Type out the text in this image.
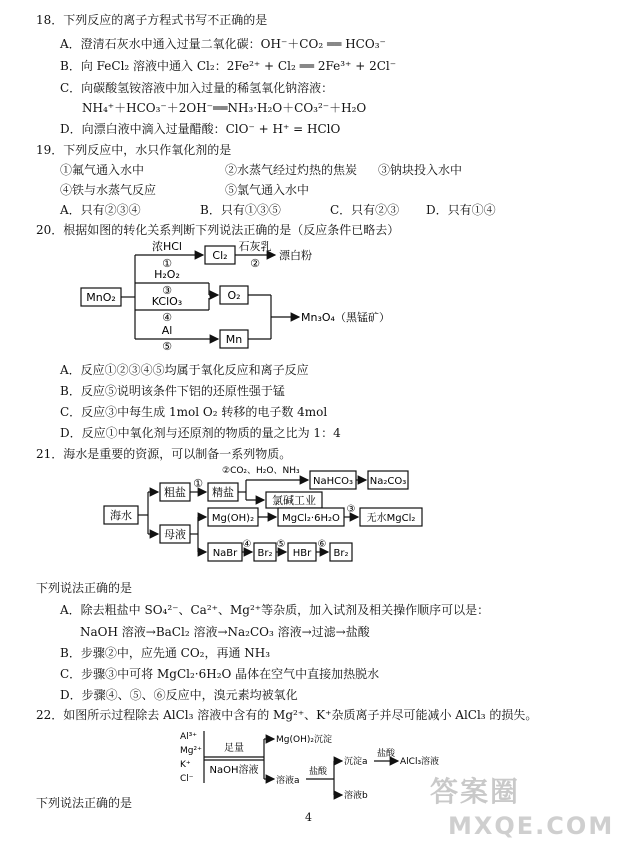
18．下列反应的离子方程式书写不正确的是
A．澄清石灰水中通入过量二氧化碳：OH⁻＋CO₂ ══ HCO₃⁻
B．向 FeCl₂ 溶液中通入 Cl₂：2Fe²⁺ + Cl₂ ══ 2Fe³⁺ + 2Cl⁻
C．向碳酸氢铵溶液中加入过量的稀氢氧化钠溶液：
NH₄⁺＋HCO₃⁻＋2OH⁻══NH₃·H₂O＋CO₃²⁻＋H₂O
D．向漂白液中滴入过量醋酸：ClO⁻ + H⁺ = HClO
19．下列反应中，水只作氧化剂的是
①氟气通入水中	②水蒸气经过灼热的焦炭 ③钠块投入水中
④铁与水蒸气反应	⑤氯气通入水中
A．只有②③④	B．只有①③⑤	C．只有②③ D．只有①④
20．根据如图的转化关系判断下列说法正确的是（反应条件已略去）
MnO₂
浓HCl
①
Cl₂
石灰乳
②
漂白粉
H₂O₂
③
KClO₃
④
O₂
Al
⑤
Mn
Mn₃O₄（黑锰矿）
A．反应①②③④⑤均属于氧化反应和离子反应
B．反应⑤说明该条件下铝的还原性强于锰
C．反应③中每生成 1mol O₂ 转移的电子数 4mol
D．反应①中氧化剂与还原剂的物质的量之比为 1：4
21．海水是重要的资源，可以制备一系列物质。
海水
粗盐
①
精盐
②CO₂、H₂O、NH₃
NaHCO₃ Na₂CO₃
氯碱工业
母液
Mg(OH)₂	MgCl₂·6H₂O
③
无水MgCl₂
NaBr
④
Br₂
⑤
HBr
⑥
Br₂
下列说法正确的是
A．除去粗盐中 SO₄²⁻、Ca²⁺、Mg²⁺等杂质，加入试剂及相关操作顺序可以是：
NaOH 溶液→BaCl₂ 溶液→Na₂CO₃ 溶液→过滤→盐酸
B．步骤②中，应先通 CO₂，再通 NH₃
C．步骤③中可将 MgCl₂·6H₂O 晶体在空气中直接加热脱水
D．步骤④、⑤、⑥反应中，溴元素均被氧化
22．如图所示过程除去 AlCl₃ 溶液中含有的 Mg²⁺、K⁺杂质离子并尽可能减小 AlCl₃ 的损失。
Al³⁺
Mg²⁺
K⁺
Cl⁻
足量
NaOH溶液
Mg(OH)₂沉淀
溶液a
盐酸
沉淀a
溶液b
盐酸
AlCl₃溶液
下列说法正确的是
4
答案圈
MXQE.COM
